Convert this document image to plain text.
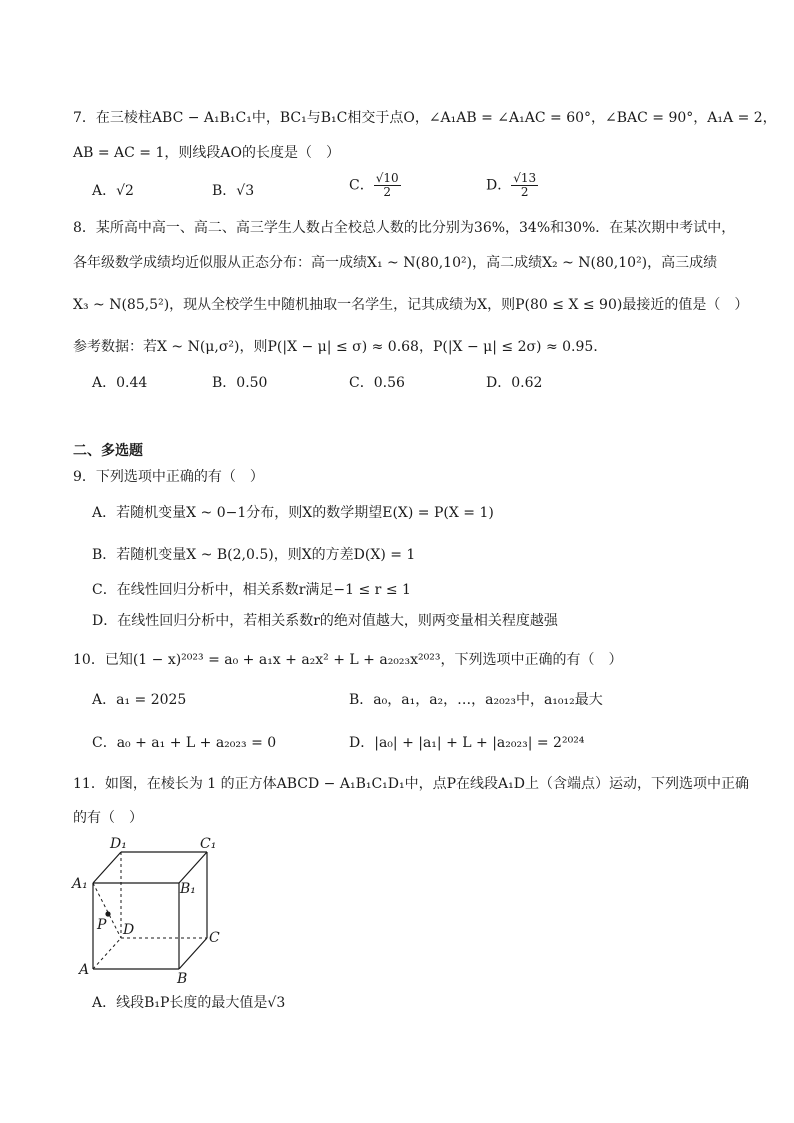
7．在三棱柱ABC − A₁B₁C₁中，BC₁与B₁C相交于点O，∠A₁AB = ∠A₁AC = 60°，∠BAC = 90°，A₁A = 2，
AB = AC = 1，则线段AO的长度是（　）
A．√2	B．√3	C． $\frac{√10}{2}$	D． $\frac{√13}{2}$
8．某所高中高一、高二、高三学生人数占全校总人数的比分别为36%，34%和30%．在某次期中考试中，
各年级数学成绩均近似服从正态分布：高一成绩X₁ ~ N(80,10²)，高二成绩X₂ ~ N(80,10²)，高三成绩
X₃ ~ N(85,5²)，现从全校学生中随机抽取一名学生，记其成绩为X，则P(80 ≤ X ≤ 90)最接近的值是（　）
参考数据：若X ~ N(μ,σ²)，则P(|X − μ| ≤ σ) ≈ 0.68，P(|X − μ| ≤ 2σ) ≈ 0.95．
A．0.44	B．0.50	C．0.56	D．0.62
二、多选题
9．下列选项中正确的有（　）
A．若随机变量X ~ 0−1分布，则X的数学期望E(X) = P(X = 1)
B．若随机变量X ~ B(2,0.5)，则X的方差D(X) = 1
C．在线性回归分析中，相关系数r满足−1 ≤ r ≤ 1
D．在线性回归分析中，若相关系数r的绝对值越大，则两变量相关程度越强
10．已知(1 − x)²⁰²³ = a₀ + a₁x + a₂x² + L + a₂₀₂₃x²⁰²³，下列选项中正确的有（　）
A．a₁ = 2025	B．a₀，a₁，a₂，…，a₂₀₂₃中，a₁₀₁₂最大
C．a₀ + a₁ + L + a₂₀₂₃ = 0	D．|a₀| + |a₁| + L + |a₂₀₂₃| = 2²⁰²⁴
11．如图，在棱长为 1 的正方体ABCD − A₁B₁C₁D₁中，点P在线段A₁D上（含端点）运动，下列选项中正确
的有（　）
D₁	C₁
A₁	B₁
P D	C
A
B
A．线段B₁P长度的最大值是√3
